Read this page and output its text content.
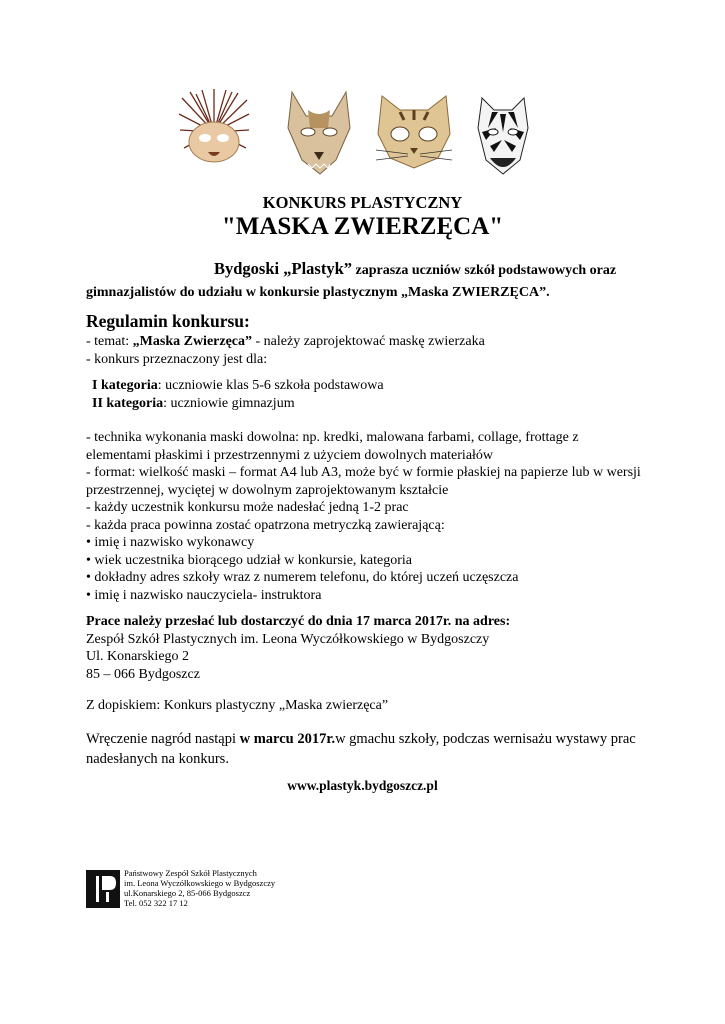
KONKURS PLASTYCZNY
"MASKA ZWIERZĘCA"
Bydgoski „Plastyk” zaprasza uczniów szkół podstawowych oraz
gimnazjalistów do udziału w konkursie plastycznym „Maska ZWIERZĘCA”.
Regulamin konkursu:
- temat: „Maska Zwierzęca” - należy zaprojektować maskę zwierzaka
- konkurs przeznaczony jest dla:
I kategoria: uczniowie klas 5-6 szkoła podstawowa
II kategoria: uczniowie gimnazjum
- technika wykonania maski dowolna: np. kredki, malowana farbami, collage, frottage z elementami płaskimi i przestrzennymi z użyciem dowolnych materiałów
- format: wielkość maski – format A4 lub A3, może być w formie płaskiej na papierze lub w wersji przestrzennej, wyciętej w dowolnym zaprojektowanym kształcie
- każdy uczestnik konkursu może nadesłać jedną 1-2 prac
- każda praca powinna zostać opatrzona metryczką zawierającą:
• imię i nazwisko wykonawcy
• wiek uczestnika biorącego udział w konkursie, kategoria
• dokładny adres szkoły wraz z numerem telefonu, do której uczeń uczęszcza
• imię i nazwisko nauczyciela- instruktora
Prace należy przesłać lub dostarczyć do dnia 17 marca 2017r. na adres:
Zespół Szkół Plastycznych im. Leona Wyczółkowskiego w Bydgoszczy
Ul. Konarskiego 2
85 – 066 Bydgoszcz
Z dopiskiem: Konkurs plastyczny „Maska zwierzęca”
Wręczenie nagród nastąpi w marcu 2017r.w gmachu szkoły, podczas wernisażu wystawy prac nadesłanych na konkurs.
www.plastyk.bydgoszcz.pl
Państwowy Zespół Szkół Plastycznych
im. Leona Wyczółkowskiego w Bydgoszczy
ul.Konarskiego 2, 85-066 Bydgoszcz
Tel. 052 322 17 12
